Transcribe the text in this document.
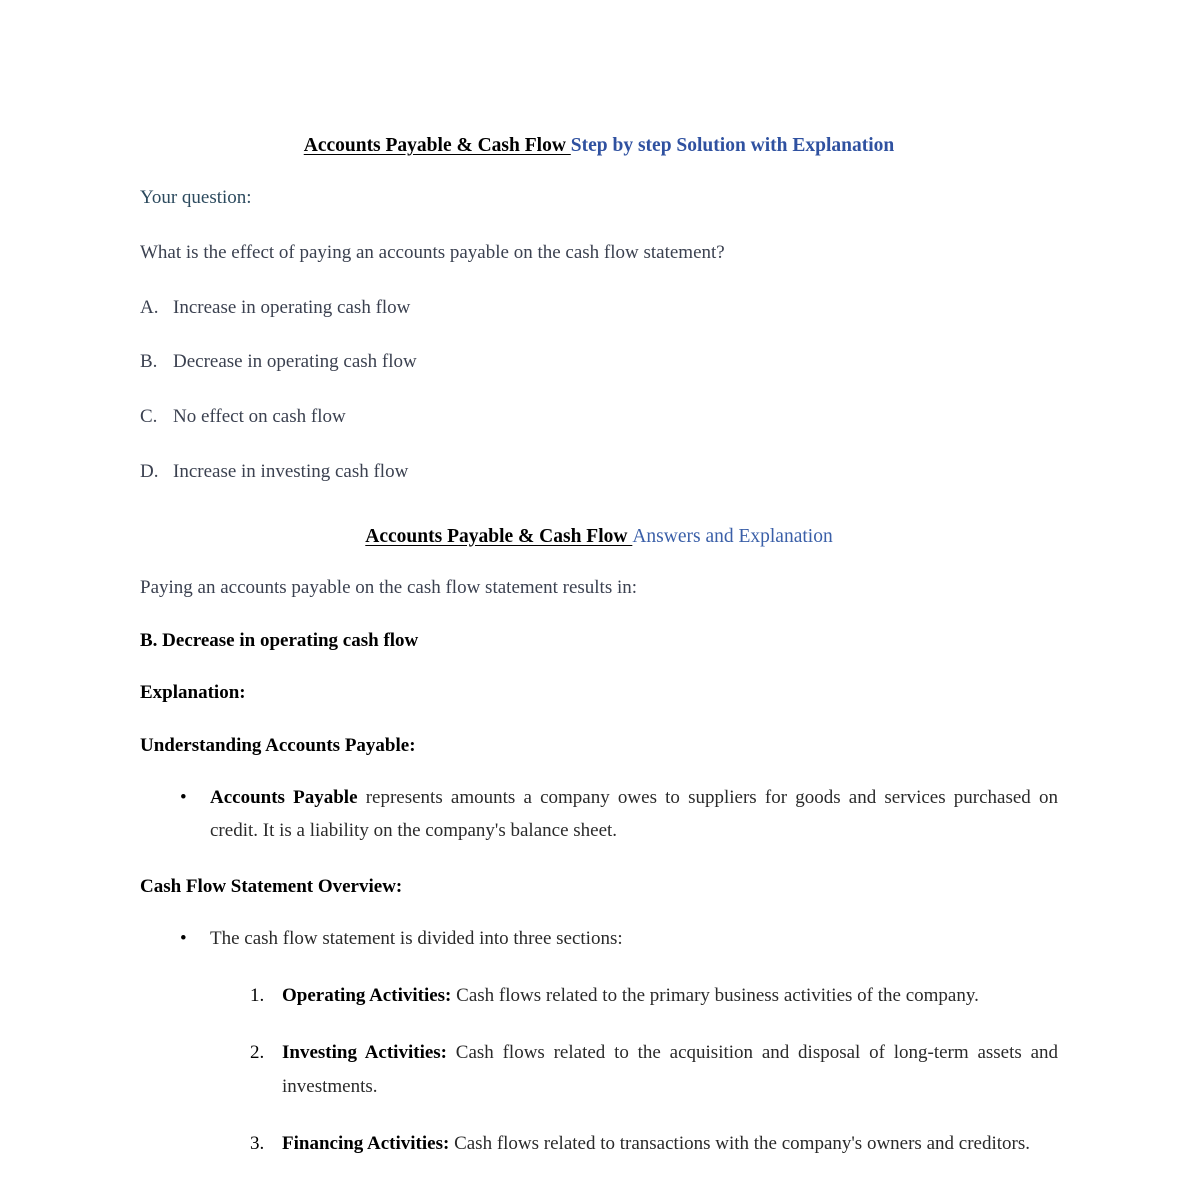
Accounts Payable & Cash Flow Step by step Solution with Explanation

Your question:

What is the effect of paying an accounts payable on the cash flow statement?

A. Increase in operating cash flow
B. Decrease in operating cash flow
C. No effect on cash flow
D. Increase in investing cash flow
Accounts Payable & Cash Flow Answers and Explanation

Paying an accounts payable on the cash flow statement results in:

B. Decrease in operating cash flow

Explanation:

Understanding Accounts Payable:

• Accounts Payable represents amounts a company owes to suppliers for goods and services purchased on credit. It is a liability on the company's balance sheet.

Cash Flow Statement Overview:

• The cash flow statement is divided into three sections:
1. Operating Activities: Cash flows related to the primary business activities of the company.
2. Investing Activities: Cash flows related to the acquisition and disposal of long-term assets and investments.
3. Financing Activities: Cash flows related to transactions with the company's owners and creditors.
